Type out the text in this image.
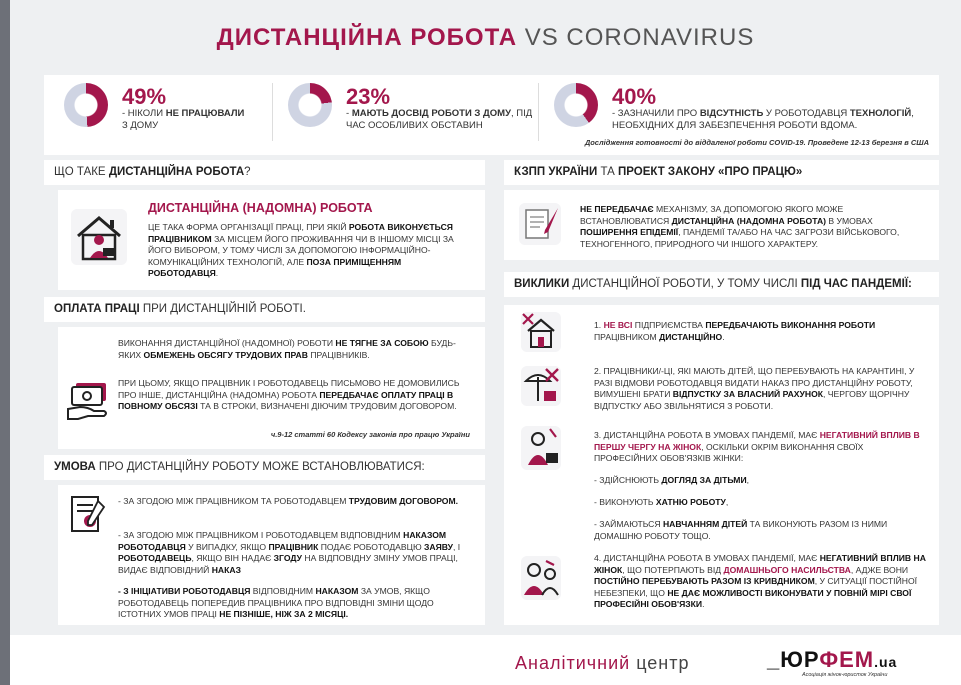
ДИСТАНЦІЙНА РОБОТА VS CORONAVIRUS
49%
- НІКОЛИ НЕ ПРАЦЮВАЛИ
З ДОМУ
23%
- МАЮТЬ ДОСВІД РОБОТИ З ДОМУ, ПІД ЧАС ОСОБЛИВИХ ОБСТАВИН
40%
- ЗАЗНАЧИЛИ ПРО ВІДСУТНІСТЬ У РОБОТОДАВЦЯ ТЕХНОЛОГІЙ, НЕОБХІДНИХ ДЛЯ ЗАБЕЗПЕЧЕННЯ РОБОТИ ВДОМА.
Дослідження готовності до віддаленої роботи COVID-19. Проведене 12-13 березня в США
ЩО ТАКЕ ДИСТАНЦІЙНА РОБОТА?
ДИСТАНЦІЙНА (НАДОМНА) РОБОТА
ЦЕ ТАКА ФОРМА ОРГАНІЗАЦІЇ ПРАЦІ, ПРИ ЯКІЙ РОБОТА ВИКОНУЄТЬСЯ ПРАЦІВНИКОМ ЗА МІСЦЕМ ЙОГО ПРОЖИВАННЯ ЧИ В ІНШОМУ МІСЦІ ЗА ЙОГО ВИБОРОМ, У ТОМУ ЧИСЛІ ЗА ДОПОМОГОЮ ІНФОРМАЦІЙНО-КОМУНІКАЦІЙНИХ ТЕХНОЛОГІЙ, АЛЕ ПОЗА ПРИМІЩЕННЯМ РОБОТОДАВЦЯ.
ОПЛАТА ПРАЦІ ПРИ ДИСТАНЦІЙНІЙ РОБОТІ.
ВИКОНАННЯ ДИСТАНЦІЙНОЇ (НАДОМНОЇ) РОБОТИ НЕ ТЯГНЕ ЗА СОБОЮ БУДЬ-ЯКИХ ОБМЕЖЕНЬ ОБСЯГУ ТРУДОВИХ ПРАВ ПРАЦІВНИКІВ.
ПРИ ЦЬОМУ, ЯКЩО ПРАЦІВНИК І РОБОТОДАВЕЦЬ ПИСЬМОВО НЕ ДОМОВИЛИСЬ ПРО ІНШЕ, ДИСТАНЦІЙНА (НАДОМНА) РОБОТА ПЕРЕДБАЧАЄ ОПЛАТУ ПРАЦІ В ПОВНОМУ ОБСЯЗІ ТА В СТРОКИ, ВИЗНАЧЕНІ ДІЮЧИМ ТРУДОВИМ ДОГОВОРОМ.
ч.9-12 статті 60 Кодексу законів про працю України
УМОВА ПРО ДИСТАНЦІЙНУ РОБОТУ МОЖЕ ВСТАНОВЛЮВАТИСЯ:
- ЗА ЗГОДОЮ МІЖ ПРАЦІВНИКОМ ТА РОБОТОДАВЦЕМ ТРУДОВИМ ДОГОВОРОМ.
- ЗА ЗГОДОЮ МІЖ ПРАЦІВНИКОМ І РОБОТОДАВЦЕМ ВІДПОВІДНИМ НАКАЗОМ РОБОТОДАВЦЯ У ВИПАДКУ, ЯКЩО ПРАЦІВНИК ПОДАЄ РОБОТОДАВЦЮ ЗАЯВУ, І РОБОТОДАВЕЦЬ, ЯКЩО ВІН НАДАЄ ЗГОДУ НА ВІДПОВІДНУ ЗМІНУ УМОВ ПРАЦІ, ВИДАЄ ВІДПОВІДНИЙ НАКАЗ
- З ІНІЦІАТИВИ РОБОТОДАВЦЯ ВІДПОВІДНИМ НАКАЗОМ ЗА УМОВ, ЯКЩО РОБОТОДАВЕЦЬ ПОПЕРЕДИВ ПРАЦІВНИКА ПРО ВІДПОВІДНІ ЗМІНИ ЩОДО ІСТОТНИХ УМОВ ПРАЦІ НЕ ПІЗНІШЕ, НІЖ ЗА 2 МІСЯЦІ.
КЗПП УКРАЇНИ ТА ПРОЕКТ ЗАКОНУ «ПРО ПРАЦЮ»
НЕ ПЕРЕДБАЧАЄ МЕХАНІЗМУ, ЗА ДОПОМОГОЮ ЯКОГО МОЖЕ ВСТАНОВЛЮВАТИСЯ ДИСТАНЦІЙНА (НАДОМНА РОБОТА) В УМОВАХ ПОШИРЕННЯ ЕПІДЕМІЇ, ПАНДЕМІЇ ТА/АБО НА ЧАС ЗАГРОЗИ ВІЙСЬКОВОГО, ТЕХНОГЕННОГО, ПРИРОДНОГО ЧИ ІНШОГО ХАРАКТЕРУ.
ВИКЛИКИ ДИСТАНЦІЙНОЇ РОБОТИ, У ТОМУ ЧИСЛІ ПІД ЧАС ПАНДЕМІЇ:
1. НЕ ВСІ ПІДПРИЄМСТВА ПЕРЕДБАЧАЮТЬ ВИКОНАННЯ РОБОТИ ПРАЦІВНИКОМ ДИСТАНЦІЙНО.
2. ПРАЦІВНИКИ/-ЦІ, ЯКІ МАЮТЬ ДІТЕЙ, ЩО ПЕРЕБУВАЮТЬ НА КАРАНТИНІ, У РАЗІ ВІДМОВИ РОБОТОДАВЦЯ ВИДАТИ НАКАЗ ПРО ДИСТАНЦІЙНУ РОБОТУ, ВИМУШЕНІ БРАТИ ВІДПУСТКУ ЗА ВЛАСНИЙ РАХУНОК, ЧЕРГОВУ ЩОРІЧНУ ВІДПУСТКУ АБО ЗВІЛЬНЯТИСЯ З РОБОТИ.
3. ДИСТАНЦІЙНА РОБОТА В УМОВАХ ПАНДЕМІЇ, МАЄ НЕГАТИВНИЙ ВПЛИВ В ПЕРШУ ЧЕРГУ НА ЖІНОК, ОСКІЛЬКИ ОКРІМ ВИКОНАННЯ СВОЇХ ПРОФЕСІЙНИХ ОБОВ'ЯЗКІВ ЖІНКИ:
- ЗДІЙСНЮЮТЬ ДОГЛЯД ЗА ДІТЬМИ,
- ВИКОНУЮТЬ ХАТНЮ РОБОТУ,
- ЗАЙМАЮТЬСЯ НАВЧАННЯМ ДІТЕЙ ТА ВИКОНУЮТЬ РАЗОМ ІЗ НИМИ ДОМАШНЮ РОБОТУ ТОЩО.
4. ДИСТАНЦІЙНА РОБОТА В УМОВАХ ПАНДЕМІЇ, МАЄ НЕГАТИВНИЙ ВПЛИВ НА ЖІНОК, ЩО ПОТЕРПАЮТЬ ВІД ДОМАШНЬОГО НАСИЛЬСТВА, АДЖЕ ВОНИ ПОСТІЙНО ПЕРЕБУВАЮТЬ РАЗОМ ІЗ КРИВДНИКОМ, У СИТУАЦІЇ ПОСТІЙНОЇ НЕБЕЗПЕКИ, ЩО НЕ ДАЄ МОЖЛИВОСТІ ВИКОНУВАТИ У ПОВНІЙ МІРІ СВОЇ ПРОФЕСІЙНІ ОБОВ'ЯЗКИ.
Аналітичний центр	_ЮРФЕМ.ua
Асоціація жінок-юристок України
